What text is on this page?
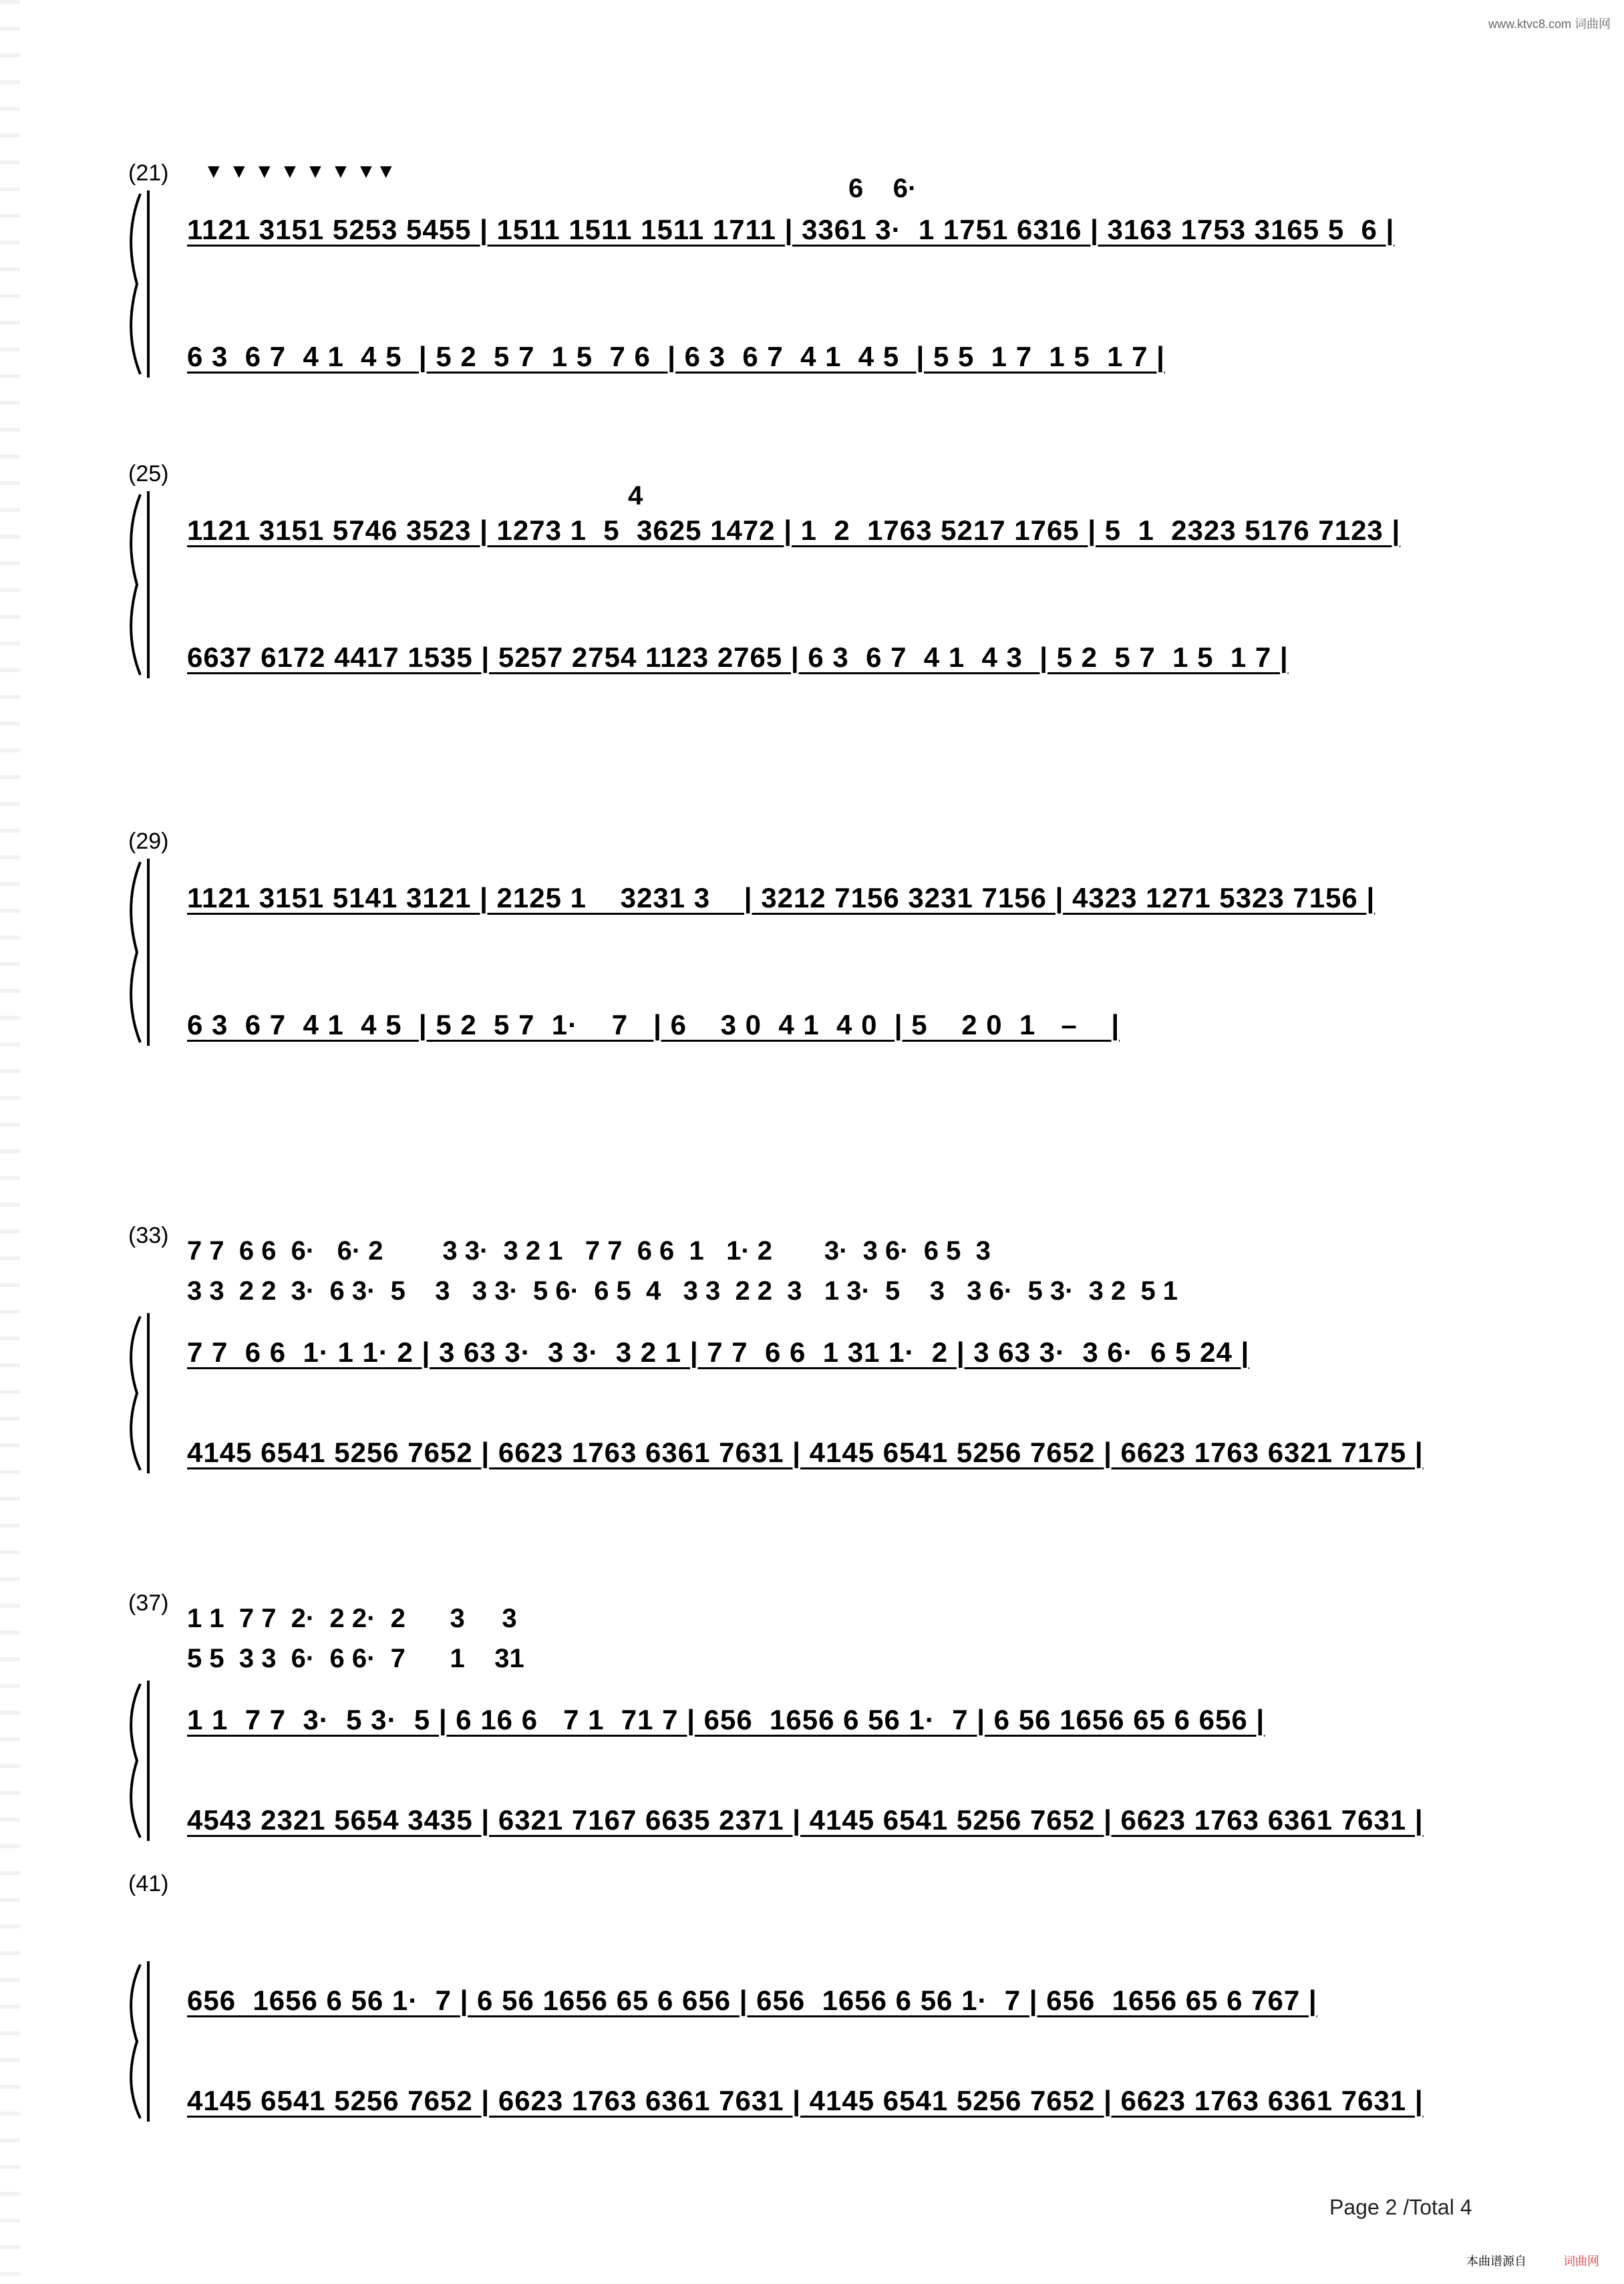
www.ktvc8.com 词曲网
(21) ▼ ▼ ▼ ▼ ▼ ▼ ▼▼
6    6·
1121 3151 5253 5455 | 1511 1511 1511 1711 | 3361 3·  1 1751 6316 | 3163 1753 3165 5  6 |
6 3  6 7  4 1  4 5  | 5 2  5 7  1 5  7 6  | 6 3  6 7  4 1  4 5  | 5 5  1 7  1 5  1 7 |
(25)
4
1121 3151 5746 3523 | 1273 1  5  3625 1472 | 1  2  1763 5217 1765 | 5  1  2323 5176 7123 |
6637 6172 4417 1535 | 5257 2754 1123 2765 | 6 3  6 7  4 1  4 3  | 5 2  5 7  1 5  1 7 |
(29)
1121 3151 5141 3121 | 2125 1    3231 3    | 3212 7156 3231 7156 | 4323 1271 5323 7156 |
6 3  6 7  4 1  4 5  | 5 2  5 7  1·    7   | 6    3 0  4 1  4 0  | 5    2 0  1   –    |
(33)
7 7  6 6  6·   6· 2        3 3·  3 2 1   7 7  6 6  1   1· 2       3·  3 6·  6 5  3
3 3  2 2  3·  6 3·  5    3   3 3·  5 6·  6 5  4   3 3  2 2  3   1 3·  5    3   3 6·  5 3·  3 2  5 1
7 7  6 6  1· 1 1· 2 | 3 63 3·  3 3·  3 2 1 | 7 7  6 6  1 31 1·  2 | 3 63 3·  3 6·  6 5 24 |
4145 6541 5256 7652 | 6623 1763 6361 7631 | 4145 6541 5256 7652 | 6623 1763 6321 7175 |
(37)
1 1  7 7  2·  2 2·  2      3     3
5 5  3 3  6·  6 6·  7      1    31
1 1  7 7  3·  5 3·  5 | 6 16 6   7 1  71 7 | 656  1656 6 56 1·  7 | 6 56 1656 65 6 656 |
4543 2321 5654 3435 | 6321 7167 6635 2371 | 4145 6541 5256 7652 | 6623 1763 6361 7631 |
(41)
656  1656 6 56 1·  7 | 6 56 1656 65 6 656 | 656  1656 6 56 1·  7 | 656  1656 65 6 767 |
4145 6541 5256 7652 | 6623 1763 6361 7631 | 4145 6541 5256 7652 | 6623 1763 6361 7631 |
Page 2 /Total 4
本曲谱源自	词曲网
